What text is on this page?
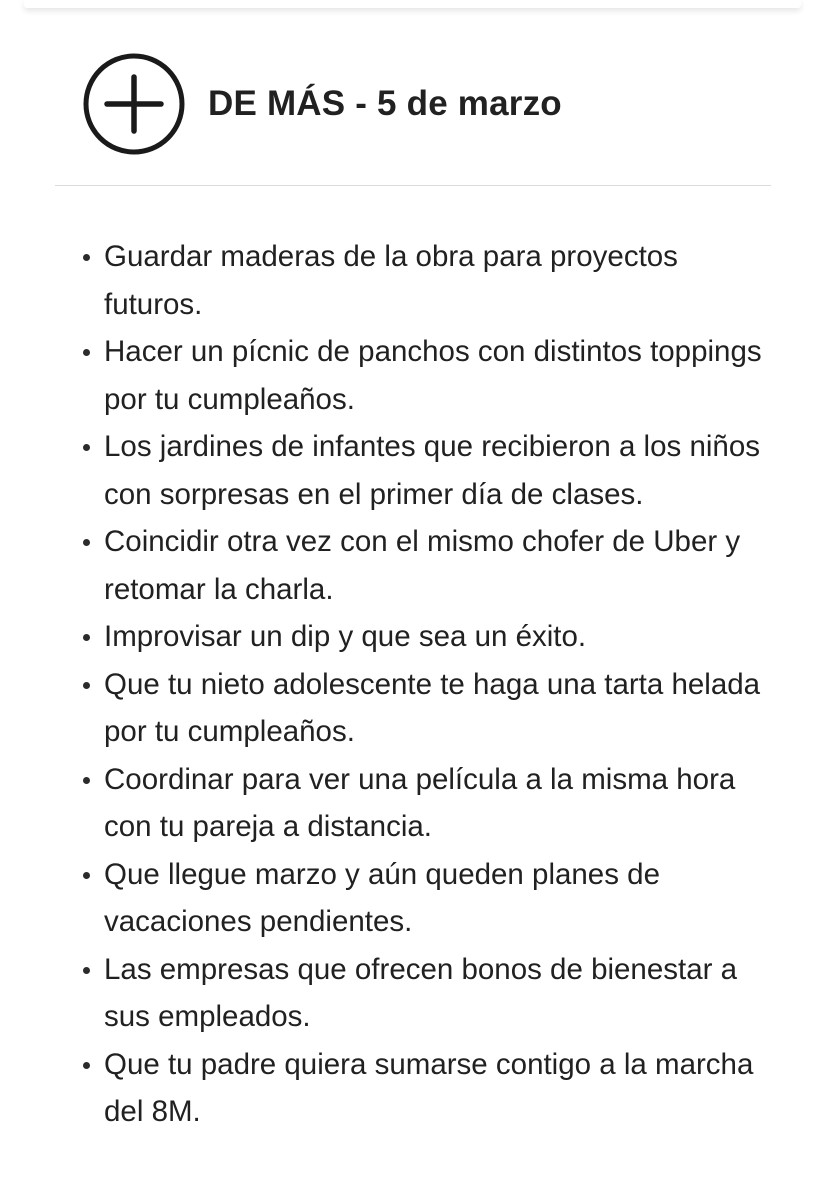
DE MÁS - 5 de marzo
Guardar maderas de la obra para proyectos futuros.
Hacer un pícnic de panchos con distintos toppings por tu cumpleaños.
Los jardines de infantes que recibieron a los niños con sorpresas en el primer día de clases.
Coincidir otra vez con el mismo chofer de Uber y retomar la charla.
Improvisar un dip y que sea un éxito.
Que tu nieto adolescente te haga una tarta helada por tu cumpleaños.
Coordinar para ver una película a la misma hora con tu pareja a distancia.
Que llegue marzo y aún queden planes de vacaciones pendientes.
Las empresas que ofrecen bonos de bienestar a sus empleados.
Que tu padre quiera sumarse contigo a la marcha del 8M.
